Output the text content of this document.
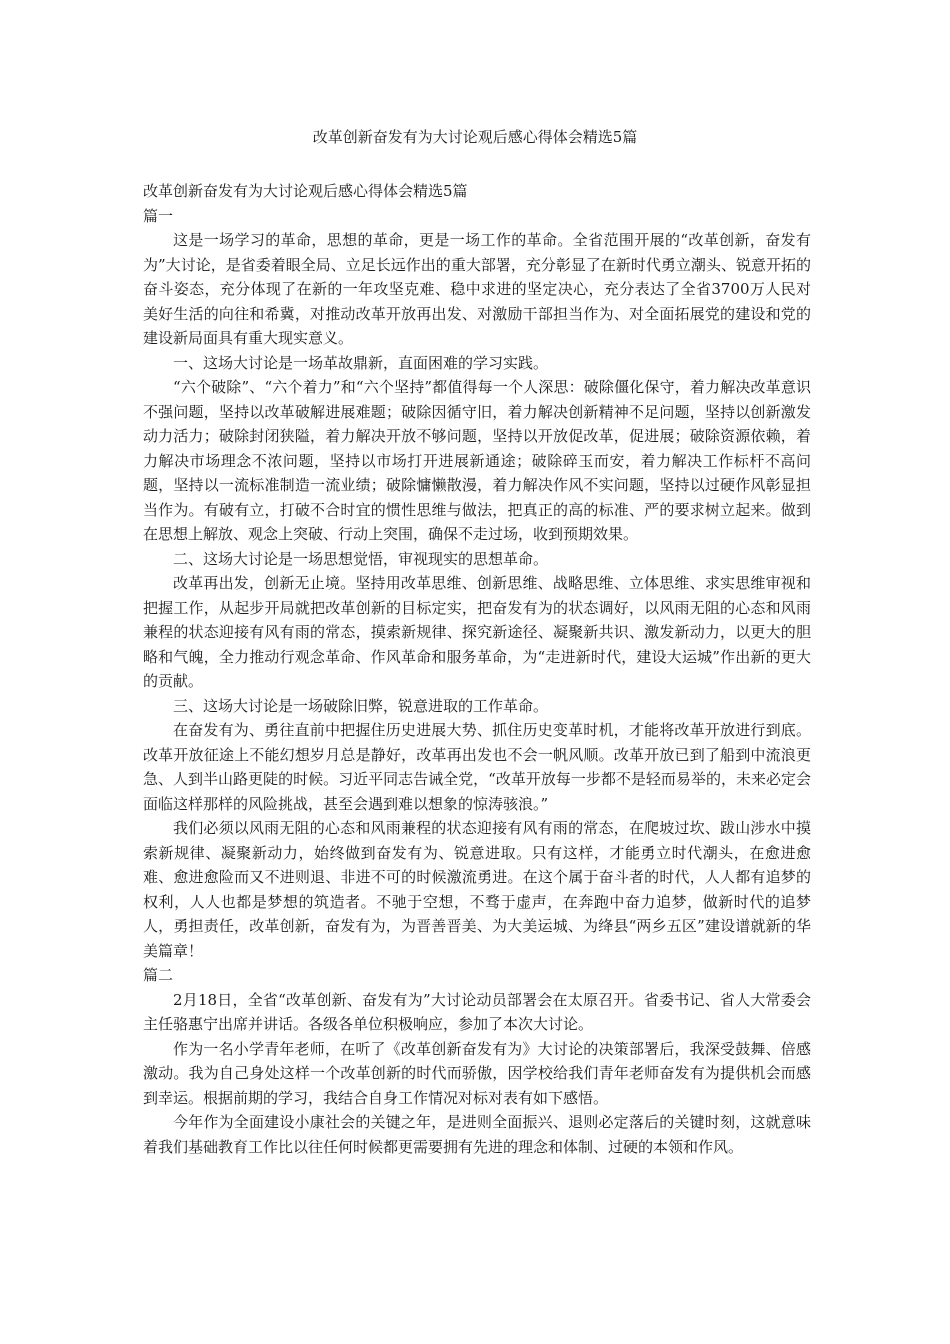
改革创新奋发有为大讨论观后感心得体会精选5篇

改革创新奋发有为大讨论观后感心得体会精选5篇

篇一

这是一场学习的革命，思想的革命，更是一场工作的革命。全省范围开展的“改革创新，奋发有为”大讨论，是省委着眼全局、立足长远作出的重大部署，充分彰显了在新时代勇立潮头、锐意开拓的奋斗姿态，充分体现了在新的一年攻坚克难、稳中求进的坚定决心，充分表达了全省3700万人民对美好生活的向往和希冀，对推动改革开放再出发、对激励干部担当作为、对全面拓展党的建设和党的建设新局面具有重大现实意义。

一、这场大讨论是一场革故鼎新，直面困难的学习实践。

“六个破除”、“六个着力”和“六个坚持”都值得每一个人深思：破除僵化保守，着力解决改革意识不强问题，坚持以改革破解进展难题；破除因循守旧，着力解决创新精神不足问题，坚持以创新激发动力活力；破除封闭狭隘，着力解决开放不够问题，坚持以开放促改革，促进展；破除资源依赖，着力解决市场理念不浓问题，坚持以市场打开进展新通途；破除碎玉而安，着力解决工作标杆不高问题，坚持以一流标准制造一流业绩；破除慵懒散漫，着力解决作风不实问题，坚持以过硬作风彰显担当作为。有破有立，打破不合时宜的惯性思维与做法，把真正的高的标准、严的要求树立起来。做到在思想上解放、观念上突破、行动上突围，确保不走过场，收到预期效果。

二、这场大讨论是一场思想觉悟，审视现实的思想革命。

改革再出发，创新无止境。坚持用改革思维、创新思维、战略思维、立体思维、求实思维审视和把握工作，从起步开局就把改革创新的目标定实，把奋发有为的状态调好，以风雨无阻的心态和风雨兼程的状态迎接有风有雨的常态，摸索新规律、探究新途径、凝聚新共识、激发新动力，以更大的胆略和气魄，全力推动行观念革命、作风革命和服务革命，为“走进新时代，建设大运城”作出新的更大的贡献。

三、这场大讨论是一场破除旧弊，锐意进取的工作革命。

在奋发有为、勇往直前中把握住历史进展大势、抓住历史变革时机，才能将改革开放进行到底。改革开放征途上不能幻想岁月总是静好，改革再出发也不会一帆风顺。改革开放已到了船到中流浪更急、人到半山路更陡的时候。习近平同志告诫全党，“改革开放每一步都不是轻而易举的，未来必定会面临这样那样的风险挑战，甚至会遇到难以想象的惊涛骇浪。”

我们必须以风雨无阻的心态和风雨兼程的状态迎接有风有雨的常态，在爬坡过坎、跋山涉水中摸索新规律、凝聚新动力，始终做到奋发有为、锐意进取。只有这样，才能勇立时代潮头，在愈进愈难、愈进愈险而又不进则退、非进不可的时候激流勇进。在这个属于奋斗者的时代，人人都有追梦的权利，人人也都是梦想的筑造者。不驰于空想，不骛于虚声，在奔跑中奋力追梦，做新时代的追梦人，勇担责任，改革创新，奋发有为，为晋善晋美、为大美运城、为绛县“两乡五区”建设谱就新的华美篇章！

篇二

2月18日，全省“改革创新、奋发有为”大讨论动员部署会在太原召开。省委书记、省人大常委会主任骆惠宁出席并讲话。各级各单位积极响应，参加了本次大讨论。

作为一名小学青年老师，在听了《改革创新奋发有为》大讨论的决策部署后，我深受鼓舞、倍感激动。我为自己身处这样一个改革创新的时代而骄傲，因学校给我们青年老师奋发有为提供机会而感到幸运。根据前期的学习，我结合自身工作情况对标对表有如下感悟。

今年作为全面建设小康社会的关键之年，是进则全面振兴、退则必定落后的关键时刻，这就意味着我们基础教育工作比以往任何时候都更需要拥有先进的理念和体制、过硬的本领和作风。
